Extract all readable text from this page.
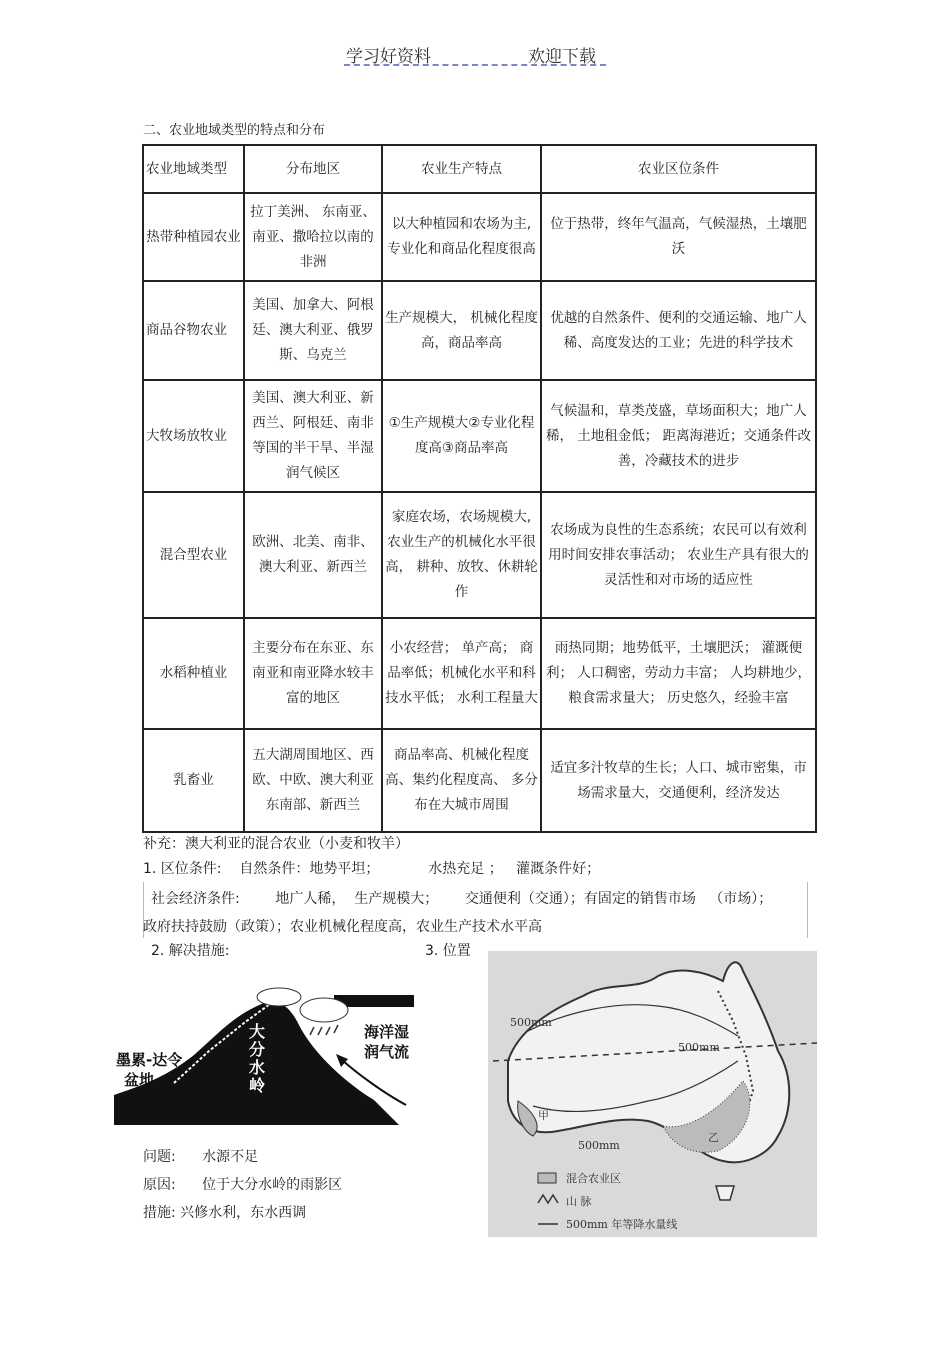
学习好资料	欢迎下载
二、农业地域类型的特点和分布
农业地域类型	分布地区	农业生产特点	农业区位条件
热带种植园农业	拉丁美洲、 东南亚、南亚、撒哈拉以南的非洲	以大种植园和农场为主, 专业化和商品化程度很高	位于热带，终年气温高，气候湿热，土壤肥沃
商品谷物农业	美国、加拿大、阿根廷、澳大利亚、俄罗斯、乌克兰	生产规模大， 机械化程度高，商品率高	优越的自然条件、便利的交通运输、地广人稀、高度发达的工业；先进的科学技术
大牧场放牧业	美国、澳大利亚、新西兰、阿根廷、南非等国的半干旱、半湿润气候区	①生产规模大②专业化程度高③商品率高	气候温和，草类茂盛，草场面积大；地广人稀， 土地租金低； 距离海港近；交通条件改善，冷藏技术的进步
混合型农业	欧洲、北美、南非、澳大利亚、新西兰	家庭农场，农场规模大, 农业生产的机械化水平很高， 耕种、放牧、休耕轮作	农场成为良性的生态系统；农民可以有效利用时间安排农事活动； 农业生产具有很大的灵活性和对市场的适应性
水稻种植业	主要分布在东亚、东南亚和南亚降水较丰富的地区	小农经营； 单产高； 商品率低；机械化水平和科技水平低； 水利工程量大	雨热同期；地势低平，土壤肥沃； 灌溉便利； 人口稠密，劳动力丰富； 人均耕地少， 粮食需求量大； 历史悠久，经验丰富
乳畜业	五大湖周围地区、西欧、中欧、澳大利亚东南部、新西兰	商品率高、机械化程度高、集约化程度高、 多分布在大城市周围	适宜多汁牧草的生长；人口、城市密集，市场需求量大，交通便利，经济发达
补充：澳大利亚的混合农业（小麦和牧羊）
1. 区位条件:    自然条件：地势平坦；           水热充足 ；   灌溉条件好；
社会经济条件:        地广人稀，  生产规模大；      交通便利（交通）；有固定的销售市场   （市场）；
政府扶持鼓励（政策）；农业机械化程度高，农业生产技术水平高
2. 解决措施:	3. 位置
墨累-达令
盆地
大
分
水
岭
海洋湿
润气流
问题: 水源不足
原因: 位于大分水岭的雨影区
措施: 兴修水利，东水西调
500mm
500mm
500mm
甲
乙
混合农业区
山 脉
500mm 年等降水量线
